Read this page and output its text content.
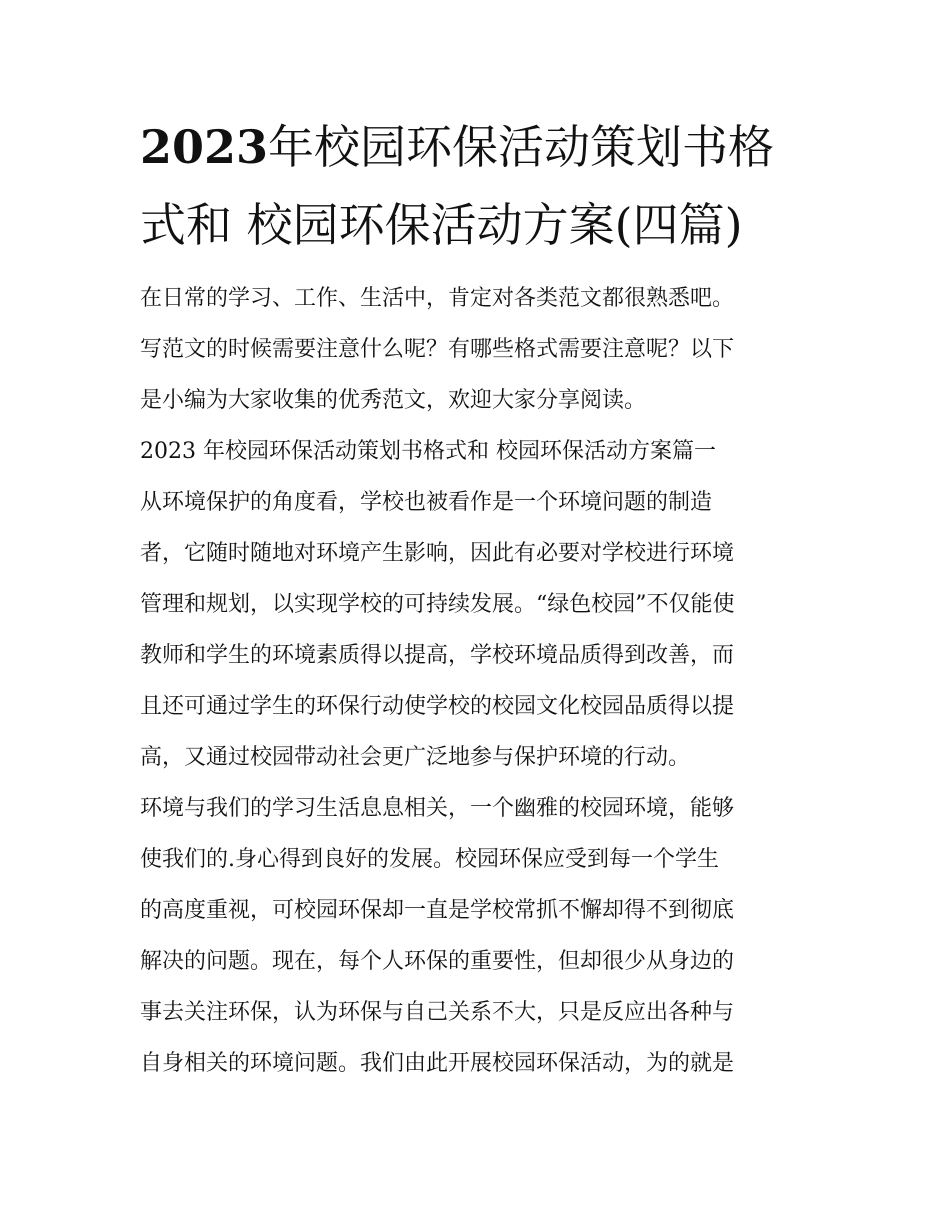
2023年校园环保活动策划书格
式和 校园环保活动方案(四篇)
在日常的学习、工作、生活中，肯定对各类范文都很熟悉吧。
写范文的时候需要注意什么呢？有哪些格式需要注意呢？以下
是小编为大家收集的优秀范文，欢迎大家分享阅读。
2023 年校园环保活动策划书格式和 校园环保活动方案篇一
从环境保护的角度看，学校也被看作是一个环境问题的制造
者，它随时随地对环境产生影响，因此有必要对学校进行环境
管理和规划，以实现学校的可持续发展。“绿色校园”不仅能使
教师和学生的环境素质得以提高，学校环境品质得到改善，而
且还可通过学生的环保行动使学校的校园文化校园品质得以提
高，又通过校园带动社会更广泛地参与保护环境的行动。
环境与我们的学习生活息息相关，一个幽雅的校园环境，能够
使我们的.身心得到良好的发展。校园环保应受到每一个学生
的高度重视，可校园环保却一直是学校常抓不懈却得不到彻底
解决的问题。现在，每个人环保的重要性，但却很少从身边的
事去关注环保，认为环保与自己关系不大，只是反应出各种与
自身相关的环境问题。我们由此开展校园环保活动，为的就是
